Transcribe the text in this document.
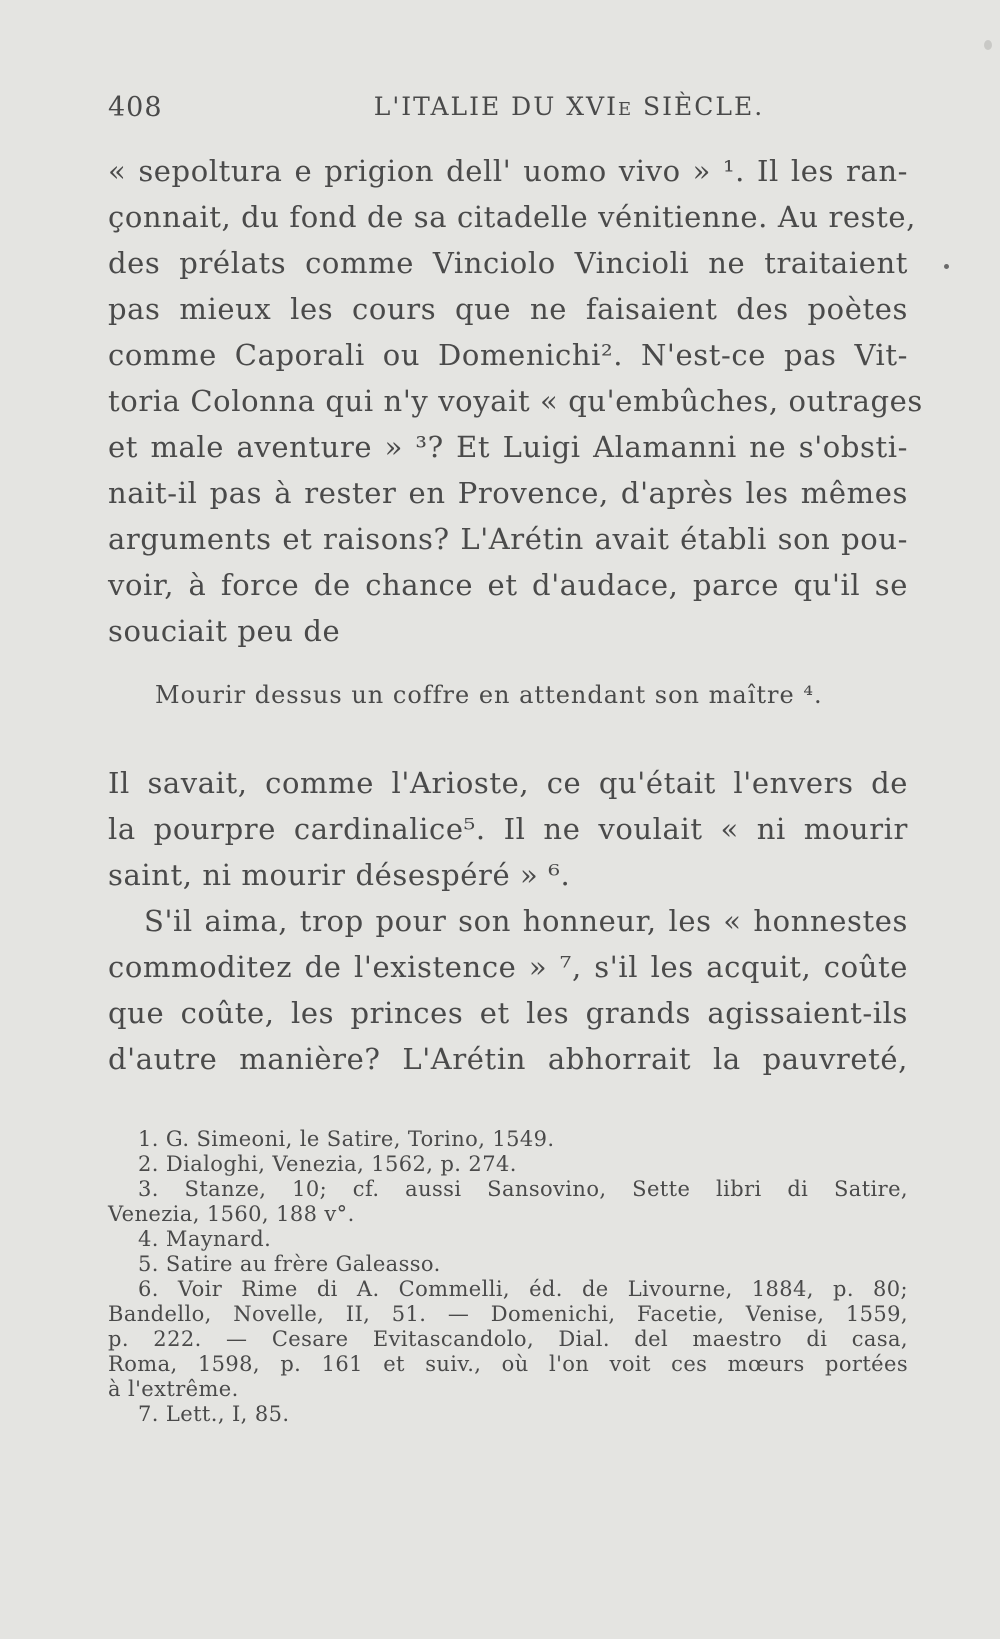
408	L'ITALIE DU XVIe SIÈCLE.
« sepoltura e prigion dell' uomo vivo » ¹. Il les ran-
çonnait, du fond de sa citadelle vénitienne. Au reste,
des prélats comme Vinciolo Vincioli ne traitaient
pas mieux les cours que ne faisaient des poètes
comme Caporali ou Domenichi². N'est-ce pas Vit-
toria Colonna qui n'y voyait « qu'embûches, outrages
et male aventure » ³? Et Luigi Alamanni ne s'obsti-
nait-il pas à rester en Provence, d'après les mêmes
arguments et raisons? L'Arétin avait établi son pou-
voir, à force de chance et d'audace, parce qu'il se
souciait peu de
Mourir dessus un coffre en attendant son maître ⁴.
Il savait, comme l'Arioste, ce qu'était l'envers de
la pourpre cardinalice⁵. Il ne voulait « ni mourir
saint, ni mourir désespéré » ⁶.
S'il aima, trop pour son honneur, les « honnestes
commoditez de l'existence » ⁷, s'il les acquit, coûte
que coûte, les princes et les grands agissaient-ils
d'autre manière? L'Arétin abhorrait la pauvreté,
1. G. Simeoni, le Satire, Torino, 1549.
2. Dialoghi, Venezia, 1562, p. 274.
3. Stanze, 10; cf. aussi Sansovino, Sette libri di Satire,
Venezia, 1560, 188 v°.
4. Maynard.
5. Satire au frère Galeasso.
6. Voir Rime di A. Commelli, éd. de Livourne, 1884, p. 80;
Bandello, Novelle, II, 51. — Domenichi, Facetie, Venise, 1559,
p. 222. — Cesare Evitascandolo, Dial. del maestro di casa,
Roma, 1598, p. 161 et suiv., où l'on voit ces mœurs portées
à l'extrême.
7. Lett., I, 85.
